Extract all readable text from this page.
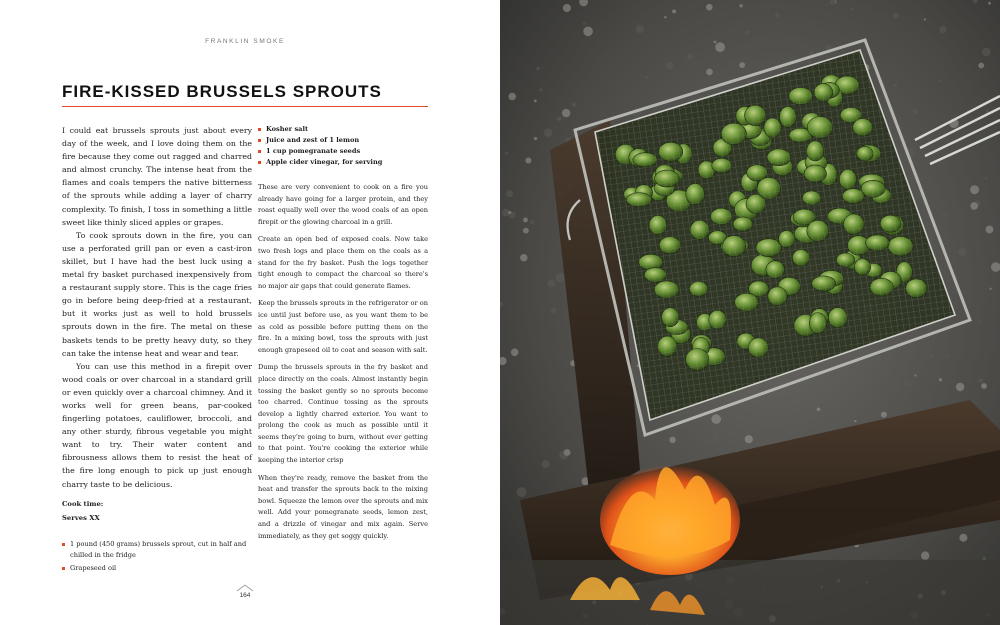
FRANKLIN SMOKE
FIRE-KISSED BRUSSELS SPROUTS

I could eat brussels sprouts just about every day of the week, and I love doing them on the fire because they come out ragged and charred and almost crunchy. The intense heat from the flames and coals tempers the native bitterness of the sprouts while adding a layer of charry complexity. To finish, I toss in something a little sweet like thinly sliced apples or grapes.

To cook sprouts down in the fire, you can use a perforated grill pan or even a cast-iron skillet, but I have had the best luck using a metal fry basket purchased inexpensively from a restaurant supply store. This is the cage fries go in before being deep-fried at a restaurant, but it works just as well to hold brussels sprouts down in the fire. The metal on these baskets tends to be pretty heavy duty, so they can take the intense heat and wear and tear.

You can use this method in a firepit over wood coals or over charcoal in a standard grill or even quickly over a charcoal chimney. And it works well for green beans, par-cooked fingerling potatoes, cauliflower, broccoli, and any other sturdy, fibrous vegetable you might want to try. Their water content and fibrousness allows them to resist the heat of the fire long enough to pick up just enough charry taste to be delicious.

Cook time:
Serves XX
1 pound (450 grams) brussels sprout, cut in half and chilled in the fridge
Grapeseed oil
Kosher salt
Juice and zest of 1 lemon
1 cup pomegranate seeds
Apple cider vinegar, for serving

These are very convenient to cook on a fire you already have going for a larger protein, and they roast equally well over the wood coals of an open firepit or the glowing charcoal in a grill.

Create an open bed of exposed coals. Now take two fresh logs and place them on the coals as a stand for the fry basket. Push the logs together tight enough to compact the charcoal so there's no major air gaps that could generate flames.

Keep the brussels sprouts in the refrigerator or on ice until just before use, as you want them to be as cold as possible before putting them on the fire. In a mixing bowl, toss the sprouts with just enough grapeseed oil to coat and season with salt.

Dump the brussels sprouts in the fry basket and place directly on the coals. Almost instantly begin tossing the basket gently so no sprouts become too charred. Continue tossing as the sprouts develop a lightly charred exterior. You want to prolong the cook as much as possible until it seems they're going to burn, without ever getting to that point. You're cooking the exterior while keeping the interior crisp

When they're ready, remove the basket from the heat and transfer the sprouts back to the mixing bowl. Squeeze the lemon over the sprouts and mix well. Add your pomegranate seeds, lemon zest, and a drizzle of vinegar and mix again. Serve immediately, as they get soggy quickly.

164
